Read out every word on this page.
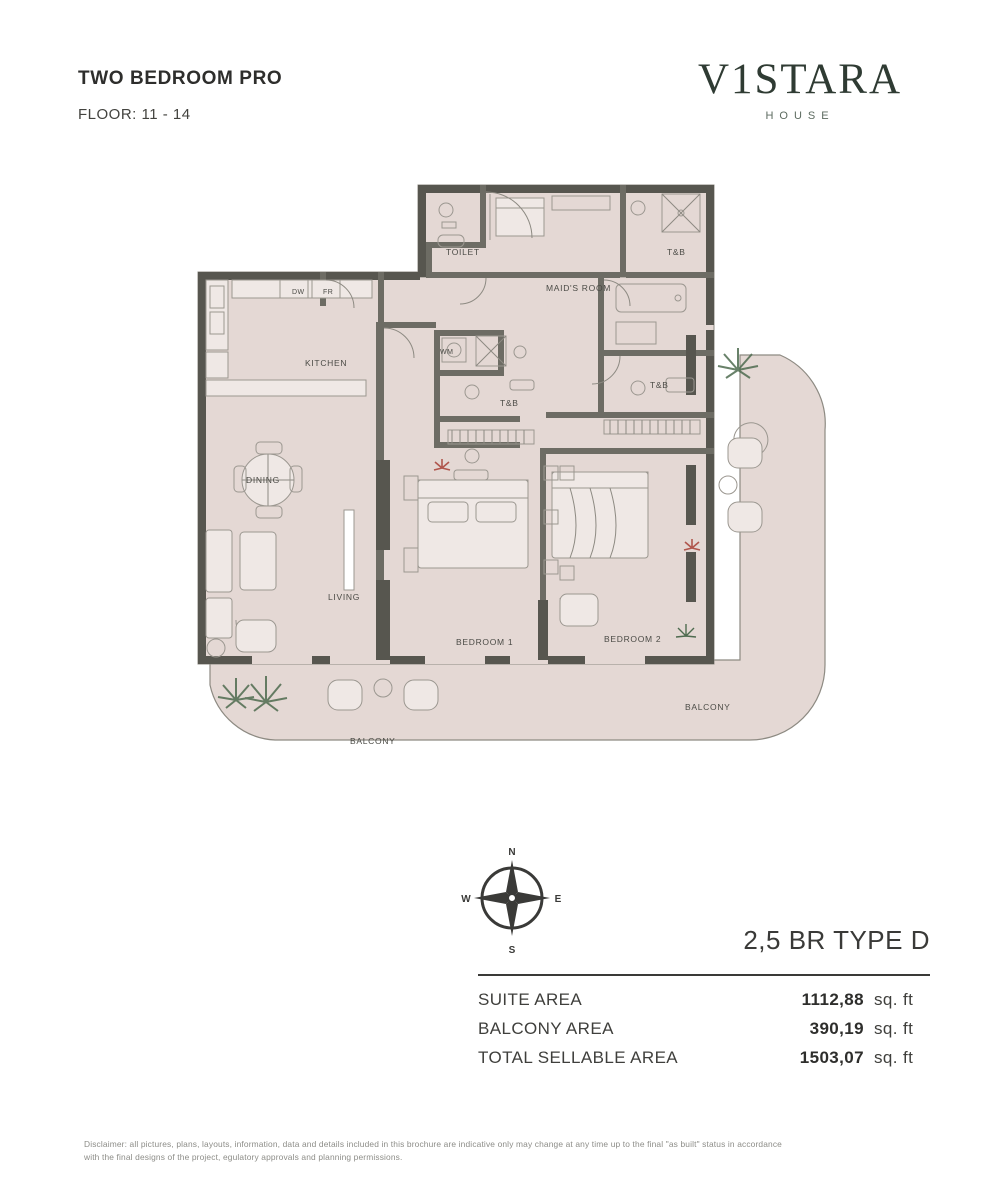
TWO BEDROOM PRO
FLOOR: 11 - 14
V1STARA
HOUSE
TOILET
MAID'S ROOM
T&B
KITCHEN
DW	FR
WM
T&B
T&B
DINING
LIVING
BEDROOM 1	BEDROOM 2
BALCONY
BALCONY
N
S
E
W
2,5 BR TYPE D
SUITE AREA	1112,88 sq. ft
BALCONY AREA	390,19 sq. ft
TOTAL SELLABLE AREA	1503,07 sq. ft
Disclaimer: all pictures, plans, layouts, information, data and details included in this brochure are indicative only may change at any time up to the final "as built" status in accordance
with the final designs of the project, egulatory approvals and planning permissions.
